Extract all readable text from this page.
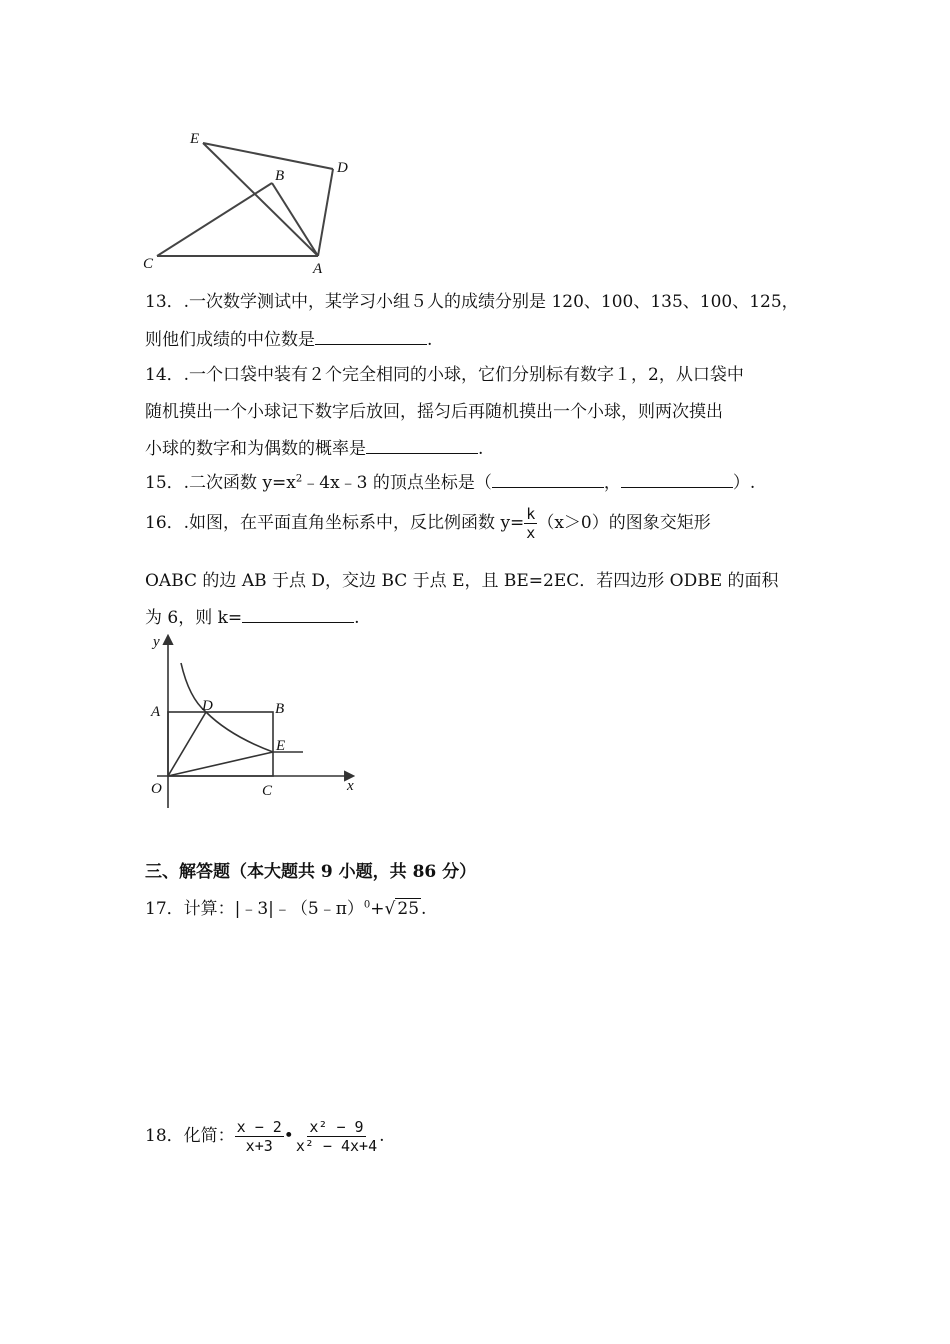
E
D
B
C	A
13．.一次数学测试中，某学习小组５人的成绩分别是 120、100、135、100、125，
则他们成绩的中位数是	.
14．.一个口袋中装有２个完全相同的小球，它们分别标有数字１，2，从口袋中
随机摸出一个小球记下数字后放回，摇匀后再随机摸出一个小球，则两次摸出
小球的数字和为偶数的概率是	.
15．.二次函数 $y=x^2﹣4x﹣3$ 的顶点坐标是（	，	）.
16．.如图，在平面直角坐标系中，反比例函数 $y= \frac{k}{x} (x>0)$的图象交矩形
OABC 的边 AB 于点 D，交边 BC 于点 E，且 BE=2EC．若四边形 ODBE 的面积
为 6，则 k=	.
y
x
O
A	D	B
E
C
三、解答题（本大题共 9 小题，共 86 分）
17．计算：|﹣3|﹣（5﹣π）$^0$+√ 25 .
18．化简： $\frac{x - 2}{x+3}$ • $\frac{\text{x² − 9}}{\text{x² − 4x+4}}$ .
